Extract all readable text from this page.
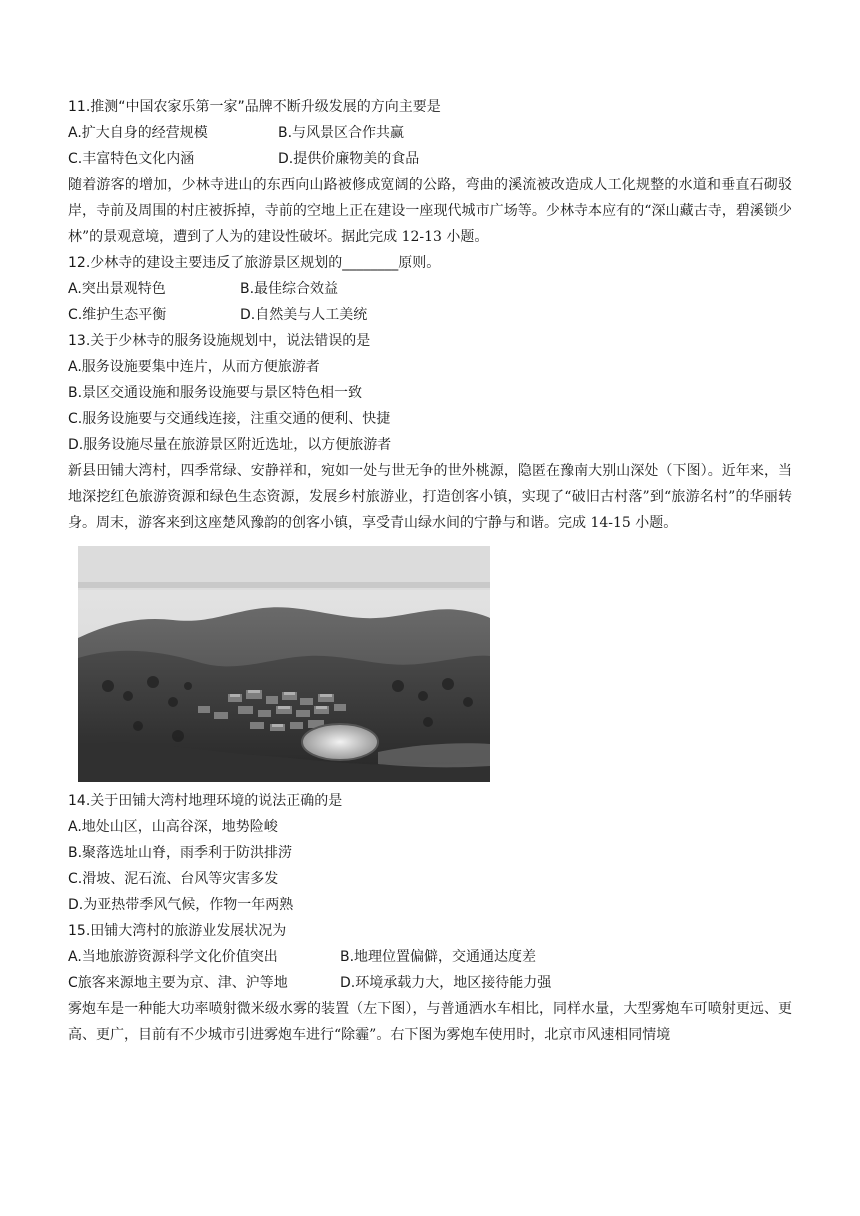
11.推测“中国农家乐第一家”品牌不断升级发展的方向主要是
A.扩大自身的经营规模	B.与风景区合作共赢
C.丰富特色文化内涵	D.提供价廉物美的食品
随着游客的增加，少林寺进山的东西向山路被修成宽阔的公路，弯曲的溪流被改造成人工化规整的水道和垂直石砌驳岸，寺前及周围的村庄被拆掉，寺前的空地上正在建设一座现代城市广场等。少林寺本应有的“深山藏古寺，碧溪锁少林”的景观意境，遭到了人为的建设性破坏。据此完成 12-13 小题。
12.少林寺的建设主要违反了旅游景区规划的________原则。
A.突出景观特色	B.最佳综合效益
C.维护生态平衡	D.自然美与人工美统
13.关于少林寺的服务设施规划中，说法错误的是
A.服务设施要集中连片，从而方便旅游者
B.景区交通设施和服务设施要与景区特色相一致
C.服务设施要与交通线连接，注重交通的便利、快捷
D.服务设施尽量在旅游景区附近选址，以方便旅游者
新县田铺大湾村，四季常绿、安静祥和，宛如一处与世无争的世外桃源，隐匿在豫南大别山深处（下图）。近年来，当地深挖红色旅游资源和绿色生态资源，发展乡村旅游业，打造创客小镇，实现了“破旧古村落”到“旅游名村”的华丽转身。周末，游客来到这座楚风豫韵的创客小镇，享受青山绿水间的宁静与和谐。完成 14-15 小题。
14.关于田铺大湾村地理环境的说法正确的是
A.地处山区，山高谷深，地势险峻
B.聚落选址山脊，雨季利于防洪排涝
C.滑坡、泥石流、台风等灾害多发
D.为亚热带季风气候，作物一年两熟
15.田铺大湾村的旅游业发展状况为
A.当地旅游资源科学文化价值突出	B.地理位置偏僻，交通通达度差
C旅客来源地主要为京、津、沪等地	D.环境承载力大，地区接待能力强
雾炮车是一种能大功率喷射微米级水雾的装置（左下图），与普通洒水车相比，同样水量，大型雾炮车可喷射更远、更高、更广，目前有不少城市引进雾炮车进行“除霾”。右下图为雾炮车使用时，北京市风速相同情境
